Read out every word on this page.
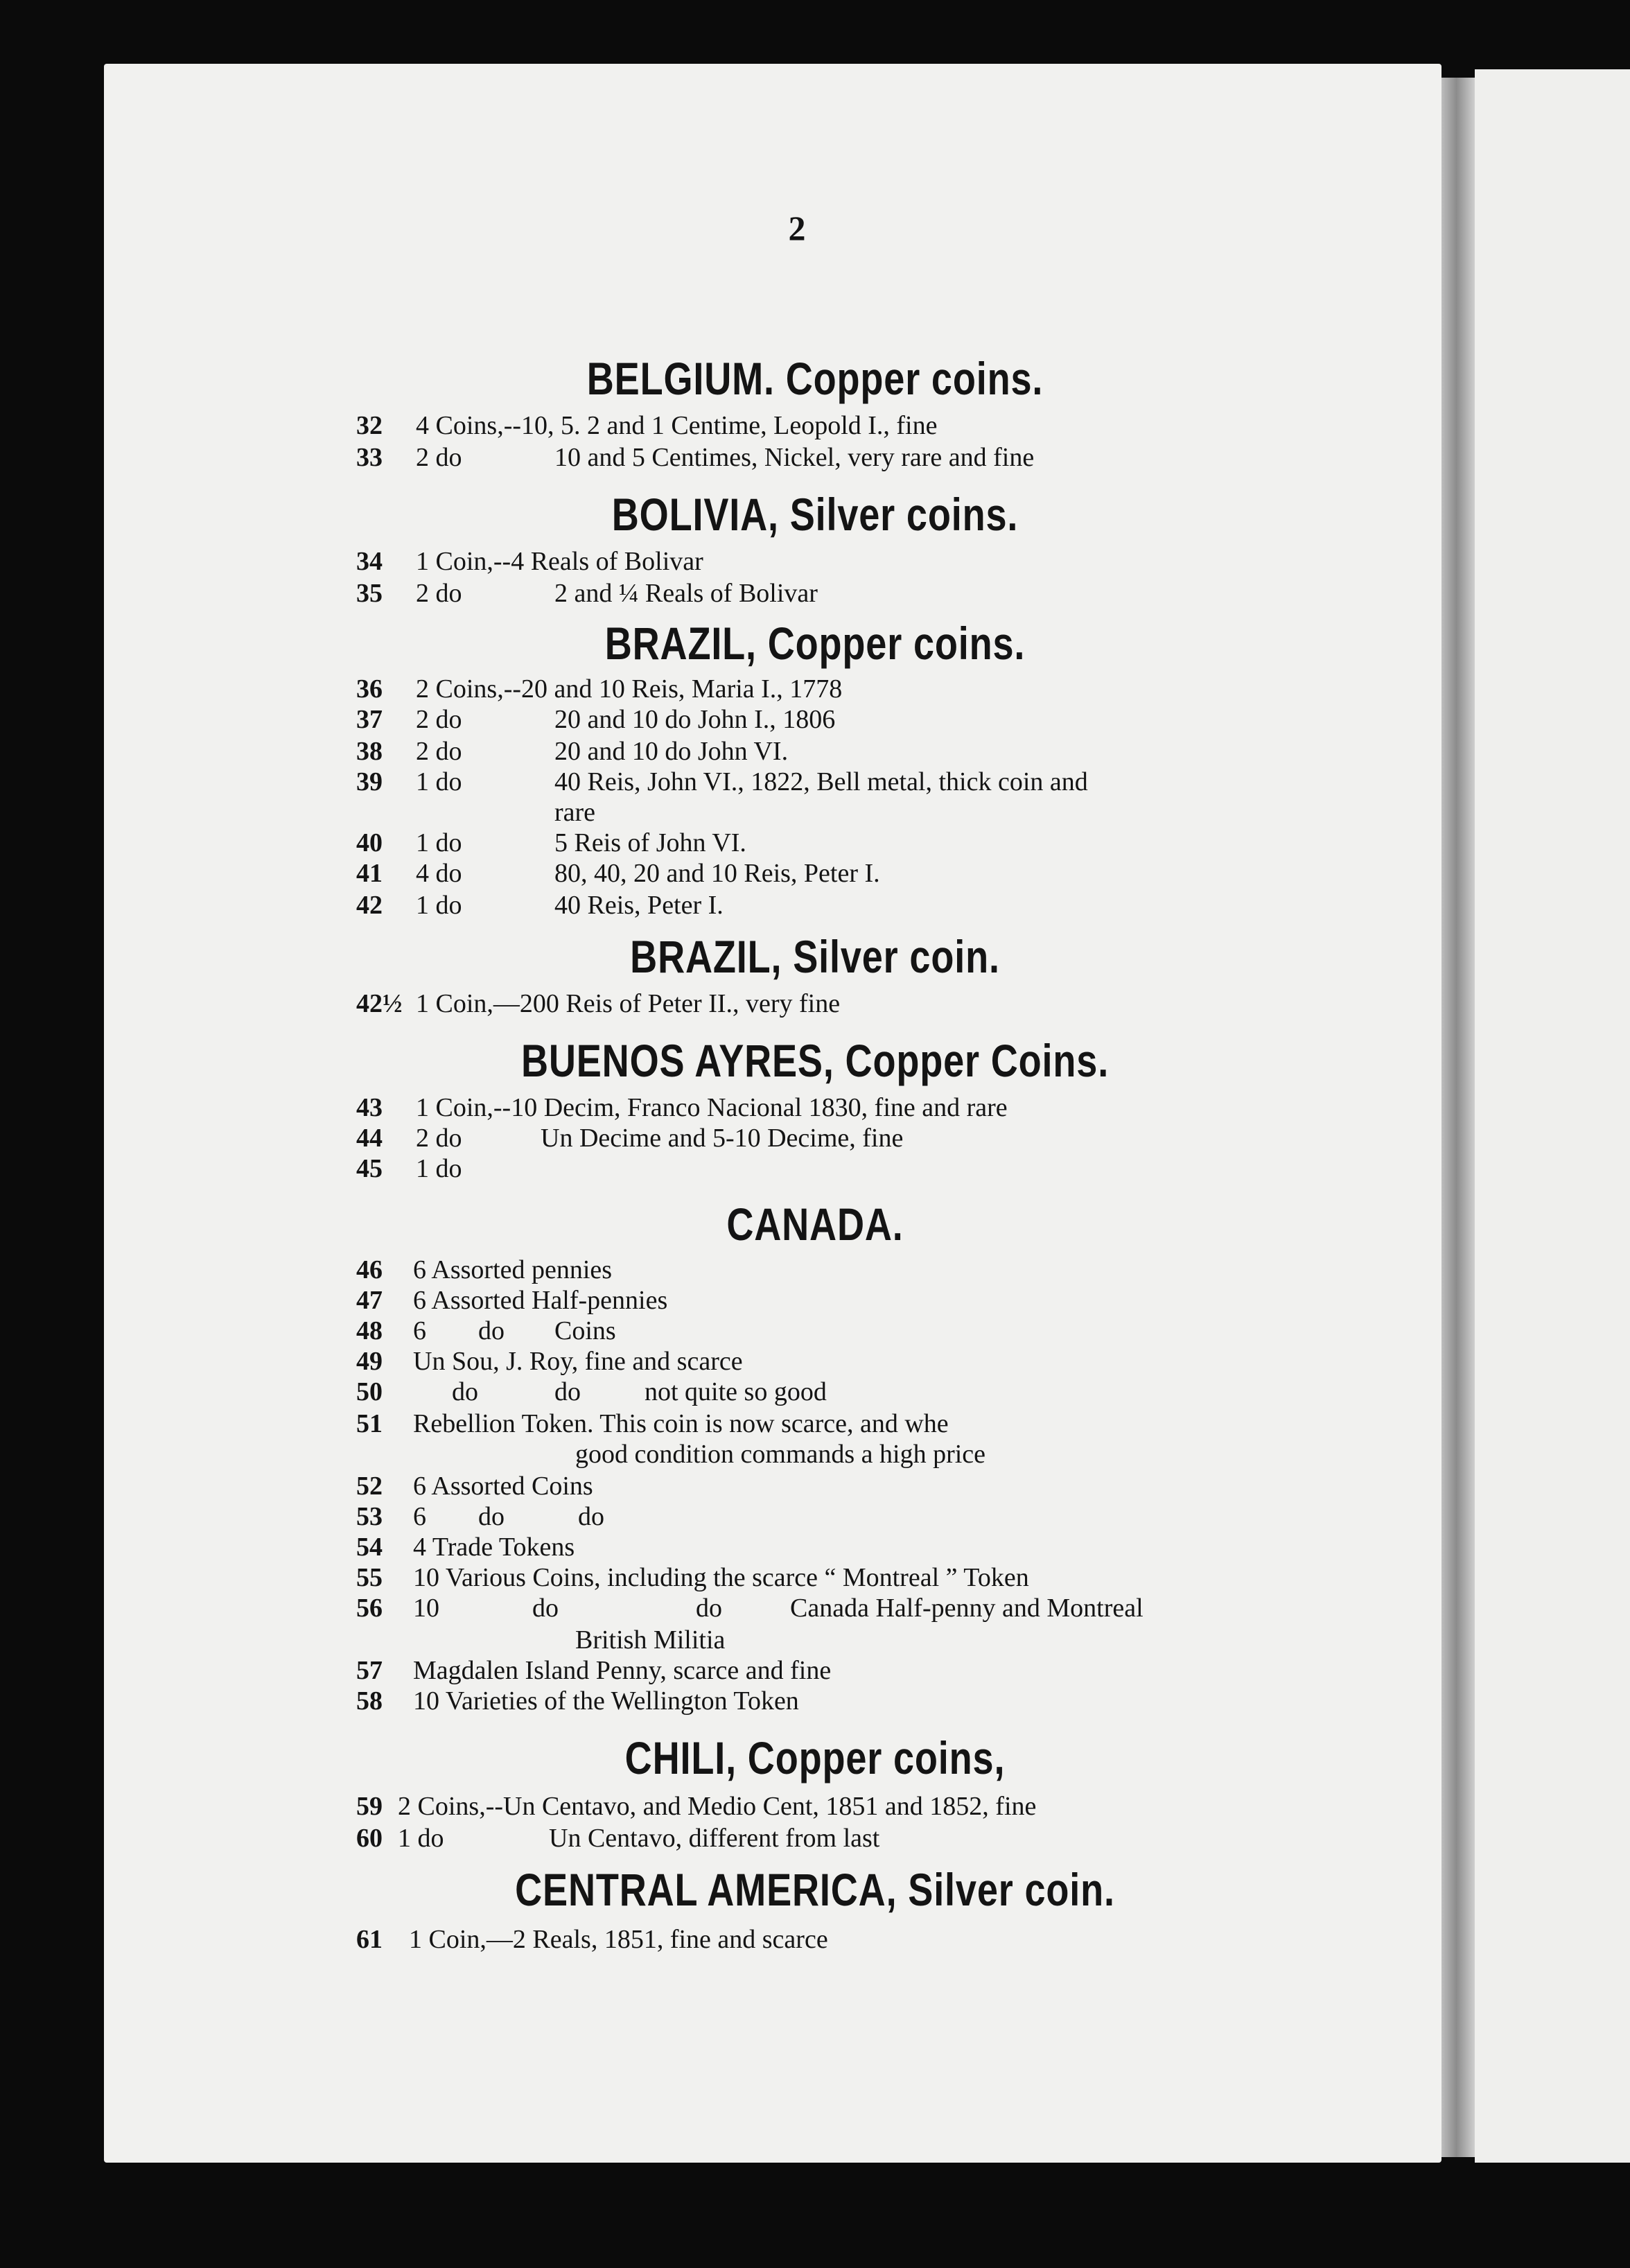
2
BELGIUM. Copper coins.
32 4 Coins,--10, 5. 2 and 1 Centime, Leopold I., fine
33 2 do	10 and 5 Centimes, Nickel, very rare and fine
BOLIVIA, Silver coins.
34 1 Coin,--4 Reals of Bolivar
35 2 do	2 and ¼ Reals of Bolivar
BRAZIL, Copper coins.
36 2 Coins,--20 and 10 Reis, Maria I., 1778
37 2 do	20 and 10 do John I., 1806
38 2 do	20 and 10 do John VI.
39 1 do	40 Reis, John VI., 1822, Bell metal, thick coin and
rare
40 1 do	5 Reis of John VI.
41 4 do	80, 40, 20 and 10 Reis, Peter I.
42 1 do	40 Reis, Peter I.
BRAZIL, Silver coin.
42½ 1 Coin,—200 Reis of Peter II., very fine
BUENOS AYRES, Copper Coins.
43 1 Coin,--10 Decim, Franco Nacional 1830, fine and rare
44 2 do	Un Decime and 5-10 Decime, fine
45 1 do
CANADA.
46 6 Assorted pennies
47 6 Assorted Half-pennies
48 6 do Coins
49 Un Sou, J. Roy, fine and scarce
50	do	do not quite so good
51 Rebellion Token. This coin is now scarce, and whe
good condition commands a high price
52 6 Assorted Coins
53 6 do	do
54 4 Trade Tokens
55 10 Various Coins, including the scarce “ Montreal ” Token
56 10	do	do	Canada Half-penny and Montreal
British Militia
57 Magdalen Island Penny, scarce and fine
58 10 Varieties of the Wellington Token
CHILI, Copper coins,
59 2 Coins,--Un Centavo, and Medio Cent, 1851 and 1852, fine
60 1 do	Un Centavo, different from last
CENTRAL AMERICA, Silver coin.
61 1 Coin,—2 Reals, 1851, fine and scarce
